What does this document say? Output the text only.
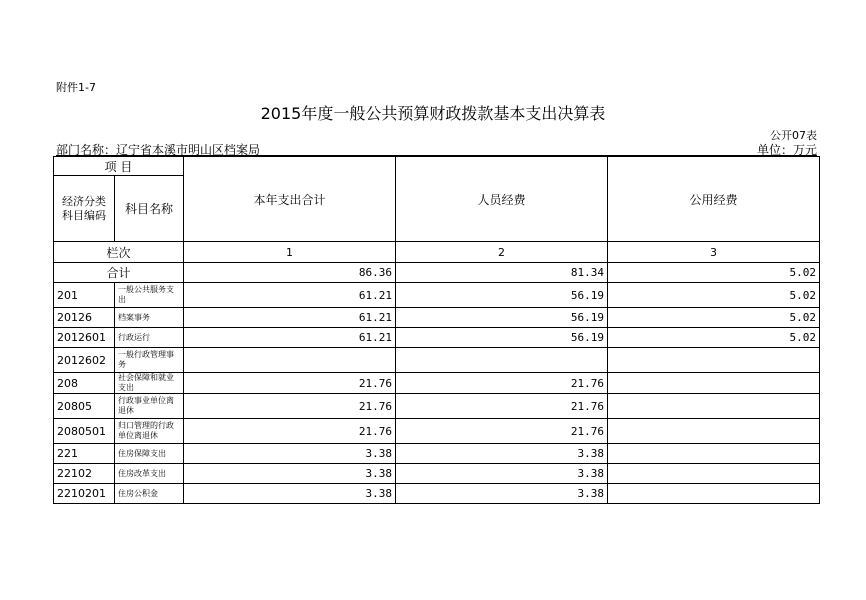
附件1-7
2015年度一般公共预算财政拨款基本支出决算表
公开07表
部门名称：辽宁省本溪市明山区档案局	单位：万元
项 目		本年支出合计	人员经费	公用经费
经济分类科目编码	科目名称			
栏次		1	2	3
合计		86.36	81.34	5.02
201	一般公共服务支出	61.21	56.19	5.02
20126	档案事务	61.21	56.19	5.02
2012601	行政运行	61.21	56.19	5.02
2012602	一般行政管理事务			
208	社会保障和就业支出	21.76	21.76	
20805	行政事业单位离退休	21.76	21.76	
2080501	归口管理的行政单位离退休	21.76	21.76	
221	住房保障支出	3.38	3.38	
22102	住房改革支出	3.38	3.38	
2210201	住房公积金	3.38	3.38	
